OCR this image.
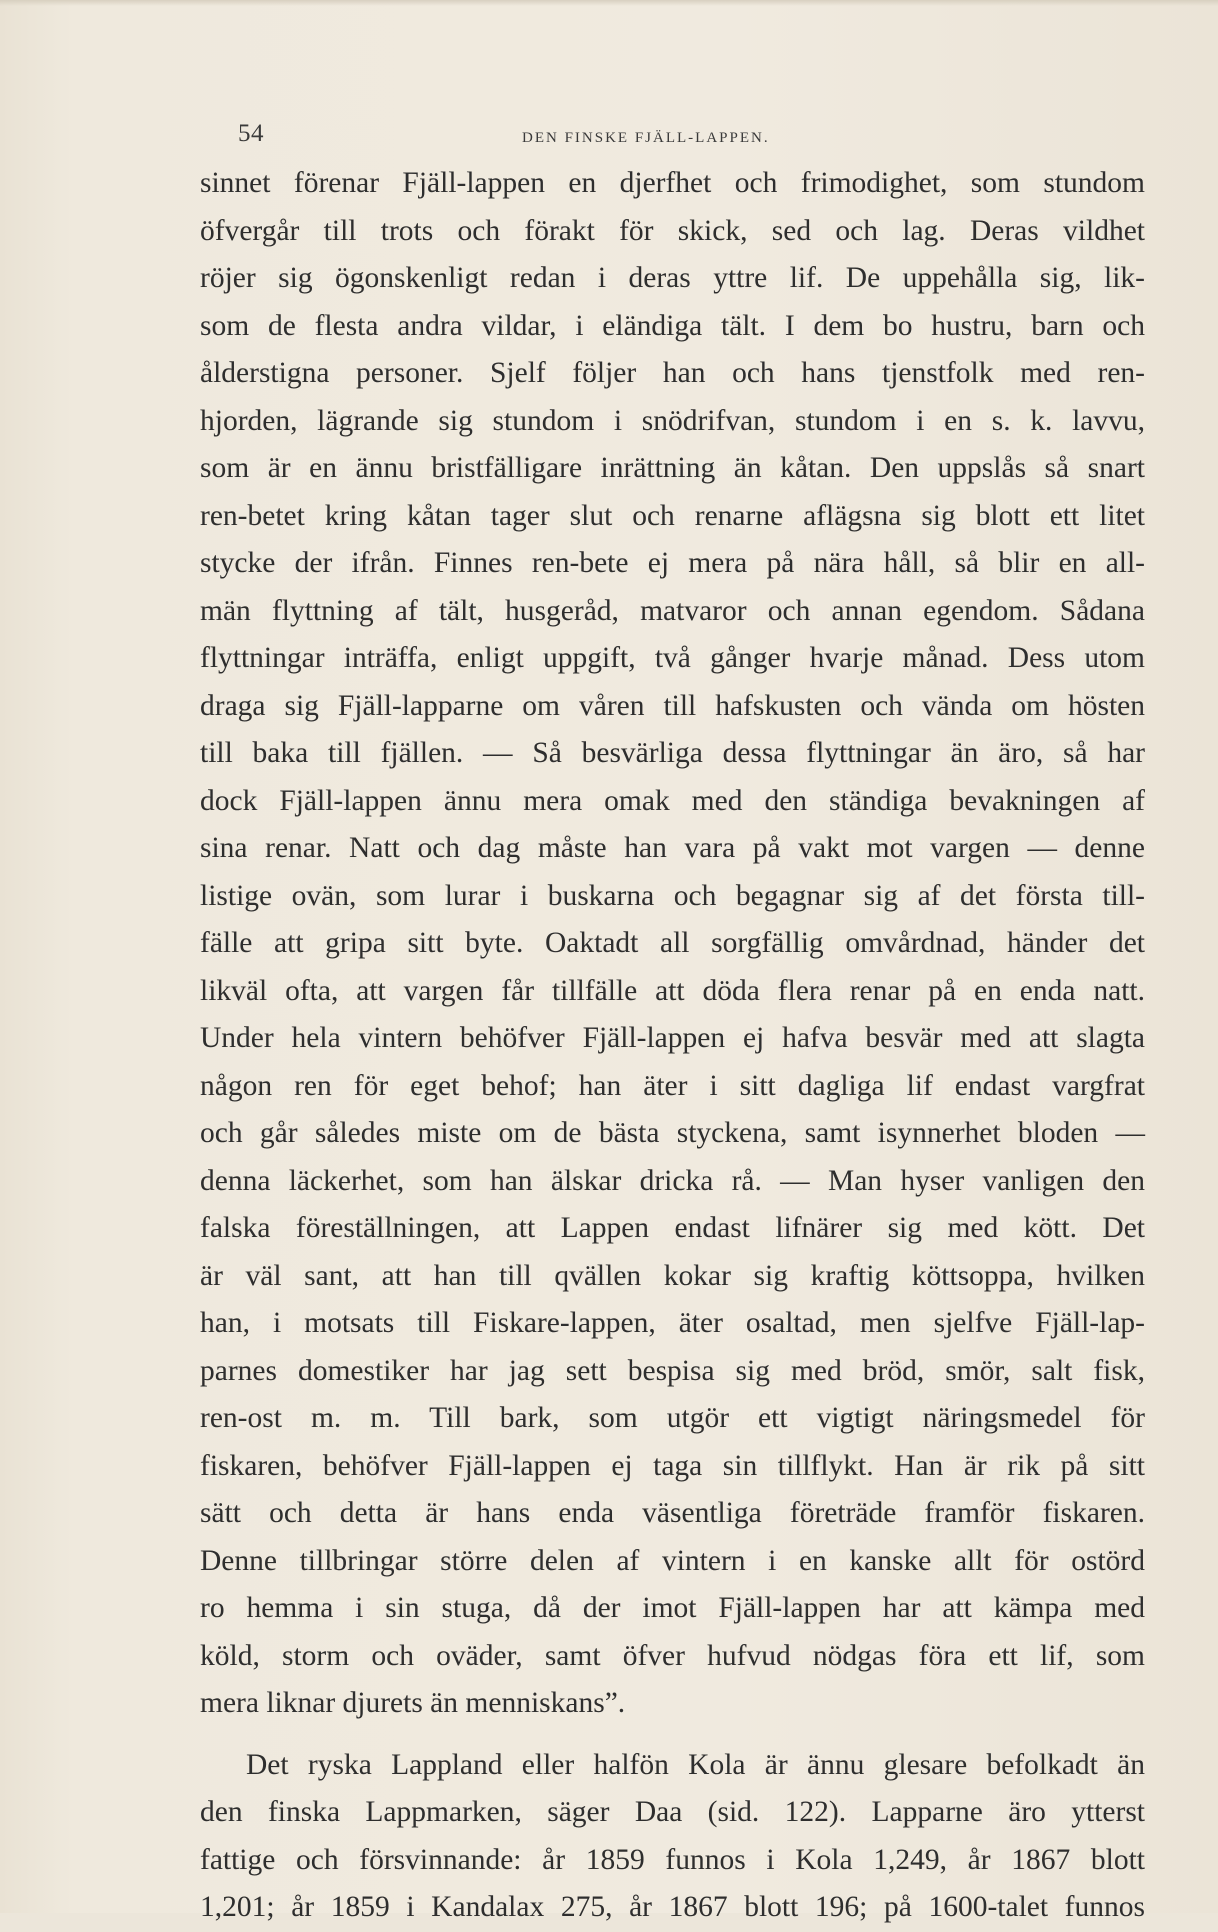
54	DEN FINSKE FJÄLL-LAPPEN.
sinnet förenar Fjäll-lappen en djerfhet och frimodighet, som stundom
öfvergår till trots och förakt för skick, sed och lag. Deras vildhet
röjer sig ögonskenligt redan i deras yttre lif. De uppehålla sig, lik-
som de flesta andra vildar, i eländiga tält. I dem bo hustru, barn och
ålderstigna personer. Sjelf följer han och hans tjenstfolk med ren-
hjorden, lägrande sig stundom i snödrifvan, stundom i en s. k. lavvu,
som är en ännu bristfälligare inrättning än kåtan. Den uppslås så snart
ren-betet kring kåtan tager slut och renarne aflägsna sig blott ett litet
stycke der ifrån. Finnes ren-bete ej mera på nära håll, så blir en all-
män flyttning af tält, husgeråd, matvaror och annan egendom. Sådana
flyttningar inträffa, enligt uppgift, två gånger hvarje månad. Dess utom
draga sig Fjäll-lapparne om våren till hafskusten och vända om hösten
till baka till fjällen. — Så besvärliga dessa flyttningar än äro, så har
dock Fjäll-lappen ännu mera omak med den ständiga bevakningen af
sina renar. Natt och dag måste han vara på vakt mot vargen — denne
listige ovän, som lurar i buskarna och begagnar sig af det första till-
fälle att gripa sitt byte. Oaktadt all sorgfällig omvårdnad, händer det
likväl ofta, att vargen får tillfälle att döda flera renar på en enda natt.
Under hela vintern behöfver Fjäll-lappen ej hafva besvär med att slagta
någon ren för eget behof; han äter i sitt dagliga lif endast vargfrat
och går således miste om de bästa styckena, samt isynnerhet bloden —
denna läckerhet, som han älskar dricka rå. — Man hyser vanligen den
falska föreställningen, att Lappen endast lifnärer sig med kött. Det
är väl sant, att han till qvällen kokar sig kraftig köttsoppa, hvilken
han, i motsats till Fiskare-lappen, äter osaltad, men sjelfve Fjäll-lap-
parnes domestiker har jag sett bespisa sig med bröd, smör, salt fisk,
ren-ost m. m. Till bark, som utgör ett vigtigt näringsmedel för
fiskaren, behöfver Fjäll-lappen ej taga sin tillflykt. Han är rik på sitt
sätt och detta är hans enda väsentliga företräde framför fiskaren.
Denne tillbringar större delen af vintern i en kanske allt för ostörd
ro hemma i sin stuga, då der imot Fjäll-lappen har att kämpa med
köld, storm och oväder, samt öfver hufvud nödgas föra ett lif, som
mera liknar djurets än menniskans”.
Det ryska Lappland eller halfön Kola är ännu glesare befolkadt än
den finska Lappmarken, säger Daa (sid. 122). Lapparne äro ytterst
fattige och försvinnande: år 1859 funnos i Kola 1,249, år 1867 blott
1,201; år 1859 i Kandalax 275, år 1867 blott 196; på 1600-talet funnos
